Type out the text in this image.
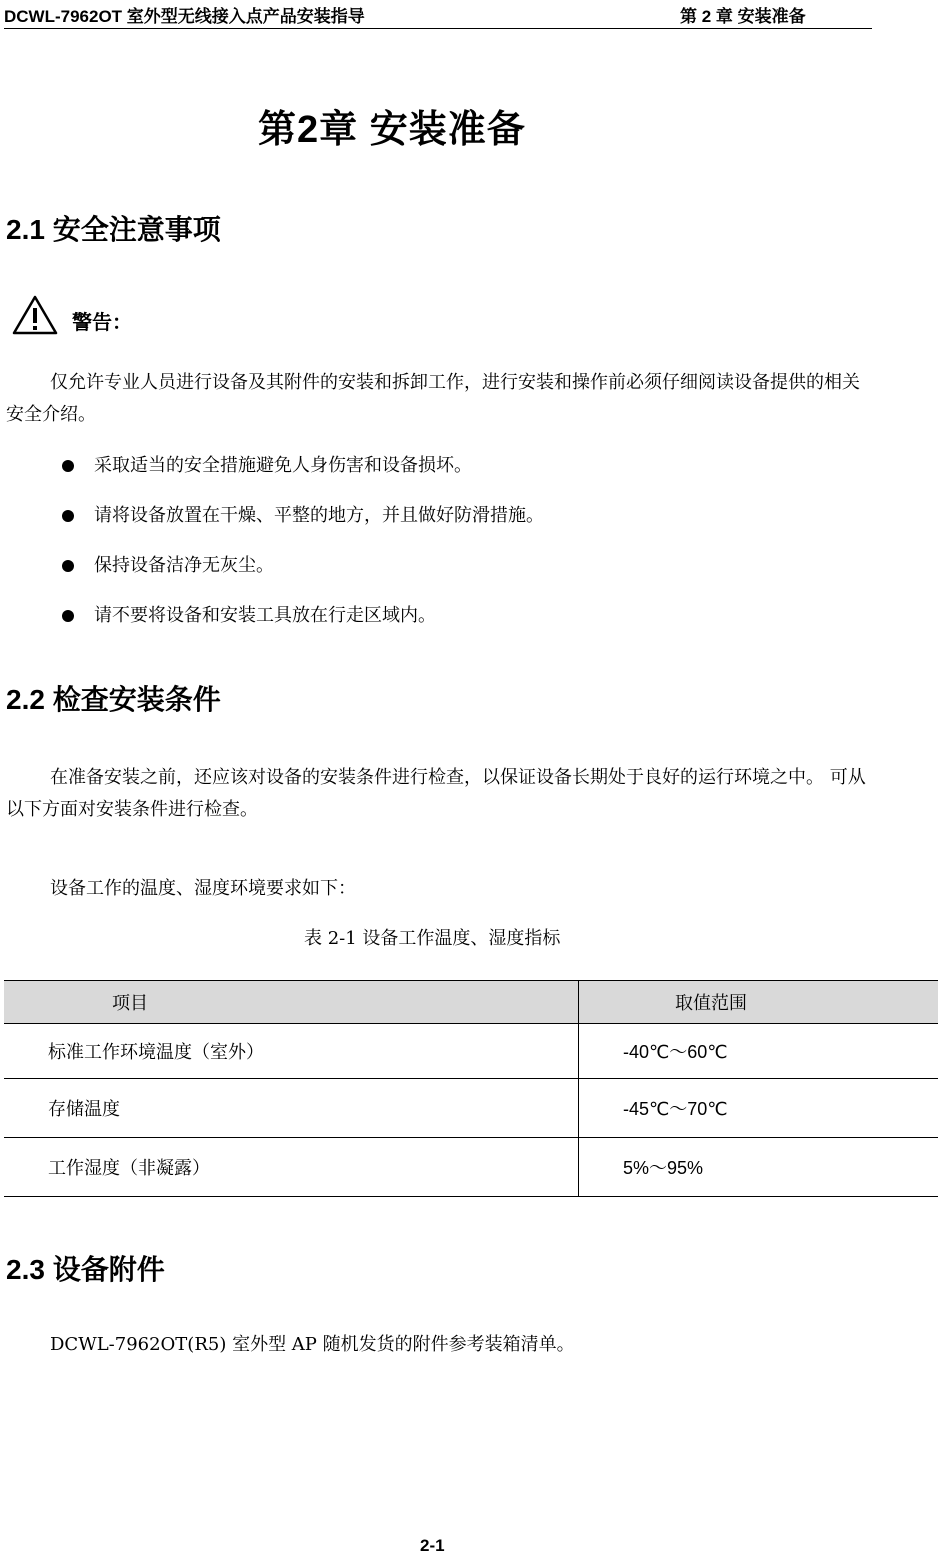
DCWL-7962OT 室外型无线接入点产品安装指导	第 2 章 安装准备
第2章 安装准备
2.1 安全注意事项
警告：
仅允许专业人员进行设备及其附件的安装和拆卸工作，进行安装和操作前必须仔细阅读设备提供的相关安全介绍。
采取适当的安全措施避免人身伤害和设备损坏。
请将设备放置在干燥、平整的地方，并且做好防滑措施。
保持设备洁净无灰尘。
请不要将设备和安装工具放在行走区域内。
2.2 检查安装条件
在准备安装之前，还应该对设备的安装条件进行检查，以保证设备长期处于良好的运行环境之中。 可从以下方面对安装条件进行检查。
设备工作的温度、湿度环境要求如下：
表 2-1 设备工作温度、湿度指标
项目	取值范围
标准工作环境温度（室外）	-40℃～60℃
存储温度	-45℃～70℃
工作湿度（非凝露）	5%～95%
2.3 设备附件
DCWL-7962OT(R5) 室外型 AP 随机发货的附件参考装箱清单。
2-1
